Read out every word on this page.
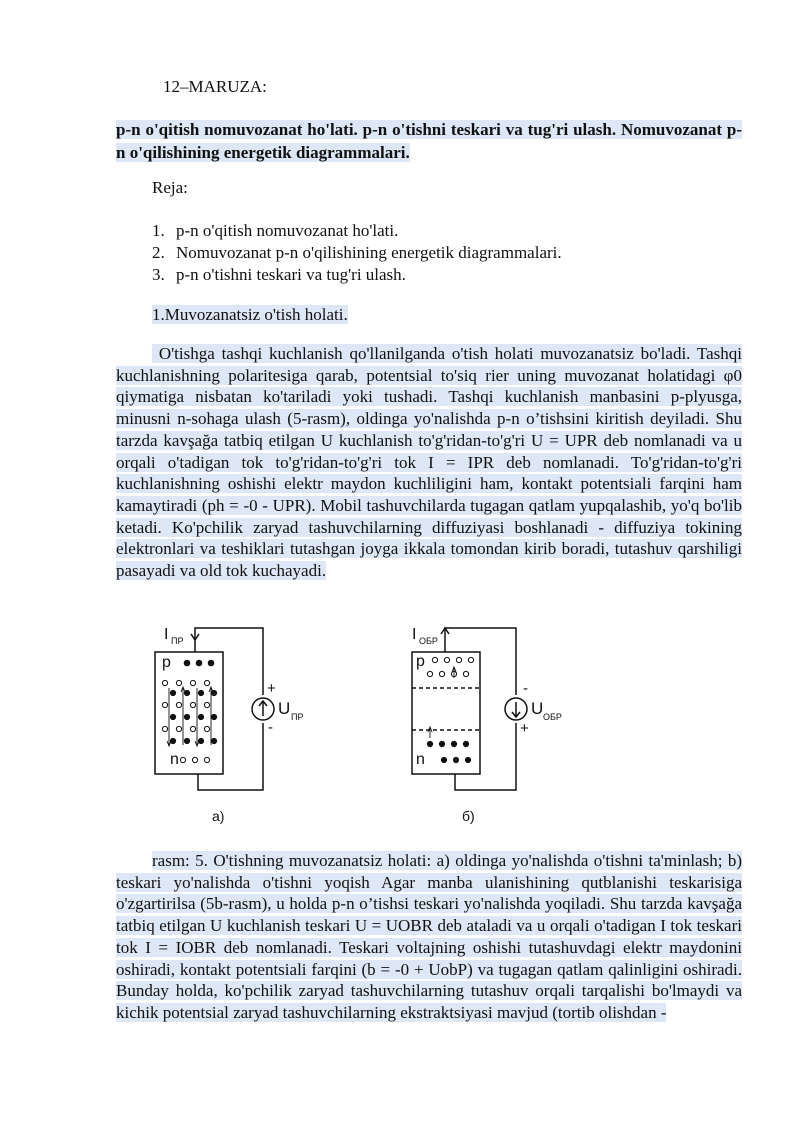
12–MARUZA:
p-n o'qitish nomuvozanat ho'lati. p-n o'tishni teskari va tug'ri ulash. Nomuvozanat p-n o'qilishining energetik diagrammalari.
Reja:
1. p-n o'qitish nomuvozanat ho'lati.
2. Nomuvozanat p-n o'qilishining energetik diagrammalari.
3. p-n o'tishni teskari va tug'ri ulash.
1.Muvozanatsiz o'tish holati.

O'tishga tashqi kuchlanish qo'llanilganda o'tish holati muvozanatsiz bo'ladi. Tashqi kuchlanishning polaritesiga qarab, potentsial to'siq rier uning muvozanat holatidagi φ0 qiymatiga nisbatan ko'tariladi yoki tushadi. Tashqi kuchlanish manbasini p-plyusga, minusni n-sohaga ulash (5-rasm), oldinga yo'nalishda p-n o’tishsini kiritish deyiladi. Shu tarzda kavşağa tatbiq etilgan U kuchlanish to'g'ridan-to'g'ri U = UPR deb nomlanadi va u orqali o'tadigan tok to'g'ridan-to'g'ri tok I = IPR deb nomlanadi. To'g'ridan-to'g'ri kuchlanishning oshishi elektr maydon kuchliligini ham, kontakt potentsiali farqini ham kamaytiradi (ph = -0 - UPR). Mobil tashuvchilarda tugagan qatlam yupqalashib, yo'q bo'lib ketadi. Ko'pchilik zaryad tashuvchilarning diffuziyasi boshlanadi - diffuziya tokining elektronlari va teshiklari tutashgan joyga ikkala tomondan kirib boradi, tutashuv qarshiligi pasayadi va old tok kuchayadi.

I ПР
p
n
+
-
U ПР
а)
I ОБР
p
n
-
+
U ОБР
б)

rasm: 5. O'tishning muvozanatsiz holati: a) oldinga yo'nalishda o'tishni ta'minlash; b) teskari yo'nalishda o'tishni yoqish Agar manba ulanishining qutblanishi teskarisiga o'zgartirilsa (5b-rasm), u holda p-n o’tishsi teskari yo'nalishda yoqiladi. Shu tarzda kavşağa tatbiq etilgan U kuchlanish teskari U = UOBR deb ataladi va u orqali o'tadigan I tok teskari tok I = IOBR deb nomlanadi. Teskari voltajning oshishi tutashuvdagi elektr maydonini oshiradi, kontakt potentsiali farqini (b = -0 + UobP) va tugagan qatlam qalinligini oshiradi. Bunday holda, ko'pchilik zaryad tashuvchilarning tutashuv orqali tarqalishi bo'lmaydi va kichik potentsial zaryad tashuvchilarning ekstraktsiyasi mavjud (tortib olishdan -
